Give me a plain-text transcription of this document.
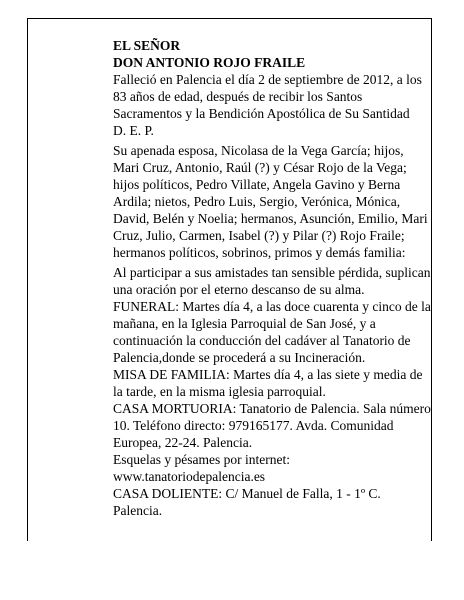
EL SEÑOR
DON ANTONIO ROJO FRAILE

Falleció en Palencia el día 2 de septiembre de 2012, a los 83 años de edad, después de recibir los Santos Sacramentos y la Bendición Apostólica de Su Santidad

D. E. P.

Su apenada esposa, Nicolasa de la Vega García; hijos, Mari Cruz, Antonio, Raúl (?) y César Rojo de la Vega; hijos políticos, Pedro Villate, Angela Gavino y Berna Ardila; nietos, Pedro Luis, Sergio, Verónica, Mónica, David, Belén y Noelia; hermanos, Asunción, Emilio, Mari Cruz, Julio, Carmen, Isabel (?) y Pilar (?) Rojo Fraile; hermanos políticos, sobrinos, primos y demás familia:

Al participar a sus amistades tan sensible pérdida, suplican una oración por el eterno descanso de su alma.

FUNERAL: Martes día 4, a las doce cuarenta y cinco de la mañana, en la Iglesia Parroquial de San José, y a continuación la conducción del cadáver al Tanatorio de Palencia,donde se procederá a su Incineración.

MISA DE FAMILIA: Martes día 4, a las siete y media de la tarde, en la misma iglesia parroquial.

CASA MORTUORIA: Tanatorio de Palencia. Sala número 10. Teléfono directo: 979165177. Avda. Comunidad Europea, 22-24. Palencia.

Esquelas y pésames por internet:

www.tanatoriodepalencia.es

CASA DOLIENTE: C/ Manuel de Falla, 1 - 1º C. Palencia.
